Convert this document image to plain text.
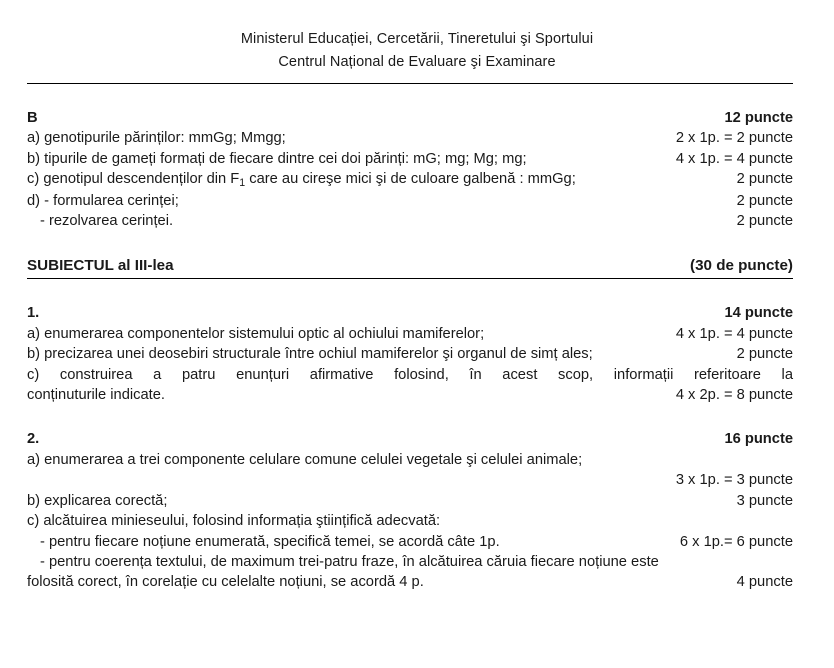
Ministerul Educației, Cercetării, Tineretului şi Sportului
Centrul Național de Evaluare şi Examinare
B	12 puncte
a) genotipurile părinților: mmGg; Mmgg;	2 x 1p. = 2 puncte
b) tipurile de gameți formați de fiecare dintre cei doi părinți: mG; mg; Mg; mg;	4 x 1p. = 4 puncte
c) genotipul descendenților din $F_1$ care au cireşe mici şi de culoare galbenă : mmGg;	2 puncte
d) - formularea cerinței;	2 puncte
- rezolvarea cerinței.	2 puncte
SUBIECTUL al III-lea	(30 de puncte)
1.	14 puncte
a) enumerarea componentelor sistemului optic al ochiului mamiferelor;	4 x 1p. = 4 puncte
b) precizarea unei deosebiri structurale între ochiul mamiferelor şi organul de simț ales;	2 puncte
c) construirea a patru enunțuri afirmative folosind, în acest scop, informații referitoare la
conținuturile indicate.	4 x 2p. = 8 puncte
2.	16 puncte
a) enumerarea a trei componente celulare comune celulei vegetale şi celulei animale;
3 x 1p. = 3 puncte
b) explicarea corectă;	3 puncte
c) alcătuirea minieseului, folosind informația ştiințifică adecvată:
- pentru fiecare noțiune enumerată, specifică temei, se acordă câte 1p.	6 x 1p.= 6 puncte
- pentru coerența textului, de maximum trei-patru fraze, în alcătuirea căruia fiecare noțiune este
folosită corect, în corelație cu celelalte noțiuni, se acordă 4 p.	4 puncte
